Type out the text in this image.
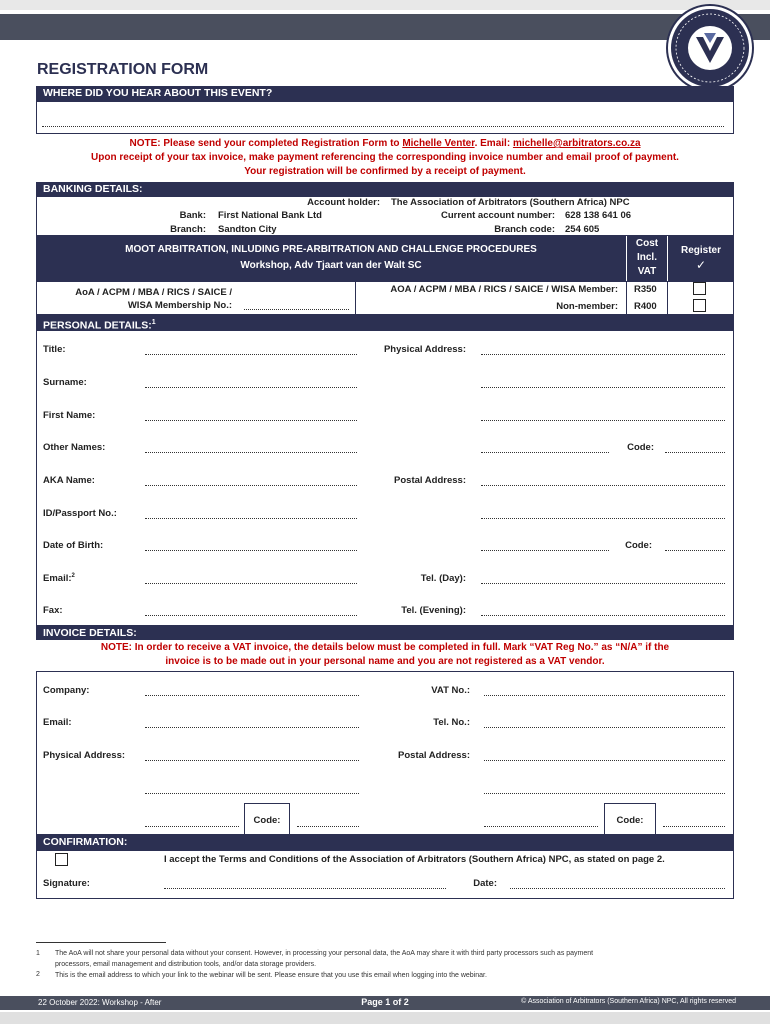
REGISTRATION FORM
WHERE DID YOU HEAR ABOUT THIS EVENT?
NOTE: Please send your completed Registration Form to Michelle Venter. Email: michelle@arbitrators.co.za
Upon receipt of your tax invoice, make payment referencing the corresponding invoice number and email proof of payment.
Your registration will be confirmed by a receipt of payment.
BANKING DETAILS:
Account holder: The Association of Arbitrators (Southern Africa) NPC
Bank: First National Bank Ltd	Current account number: 628 138 641 06
Branch: Sandton City	Branch code: 254 605
MOOT ARBITRATION, INLUDING PRE-ARBITRATION AND CHALLENGE PROCEDURES
Workshop, Adv Tjaart van der Walt SC
Cost
Incl.
VAT
Register
✓
AoA / ACPM / MBA / RICS / SAICE /
WISA Membership No.:
AOA / ACPM / MBA / RICS / SAICE / WISA Member: R350
Non-member: R400
PERSONAL DETAILS:$^1$
Title:	Physical Address:
Surname:
First Name:
Other Names:	Code:
AKA Name:	Postal Address:
ID/Passport No.:
Date of Birth:	Code:
Email:$^2$	Tel. (Day):
Fax:	Tel. (Evening):
INVOICE DETAILS:
NOTE: In order to receive a VAT invoice, the details below must be completed in full. Mark “VAT Reg No.” as “N/A” if the
invoice is to be made out in your personal name and you are not registered as a VAT vendor.
Company:	VAT No.:
Email:	Tel. No.:
Physical Address:	Postal Address:
Code:	Code:
CONFIRMATION:
I accept the Terms and Conditions of the Association of Arbitrators (Southern Africa) NPC, as stated on page 2.
Signature:	Date:
1 The AoA will not share your personal data without your consent. However, in processing your personal data, the AoA may share it with third party processors such as payment
processors, email management and distribution tools, and/or data storage providers.
2 This is the email address to which your link to the webinar will be sent. Please ensure that you use this email when logging into the webinar.
22 October 2022: Workshop - After	Page 1 of 2	© Association of Arbitrators (Southern Africa) NPC, All rights reserved
